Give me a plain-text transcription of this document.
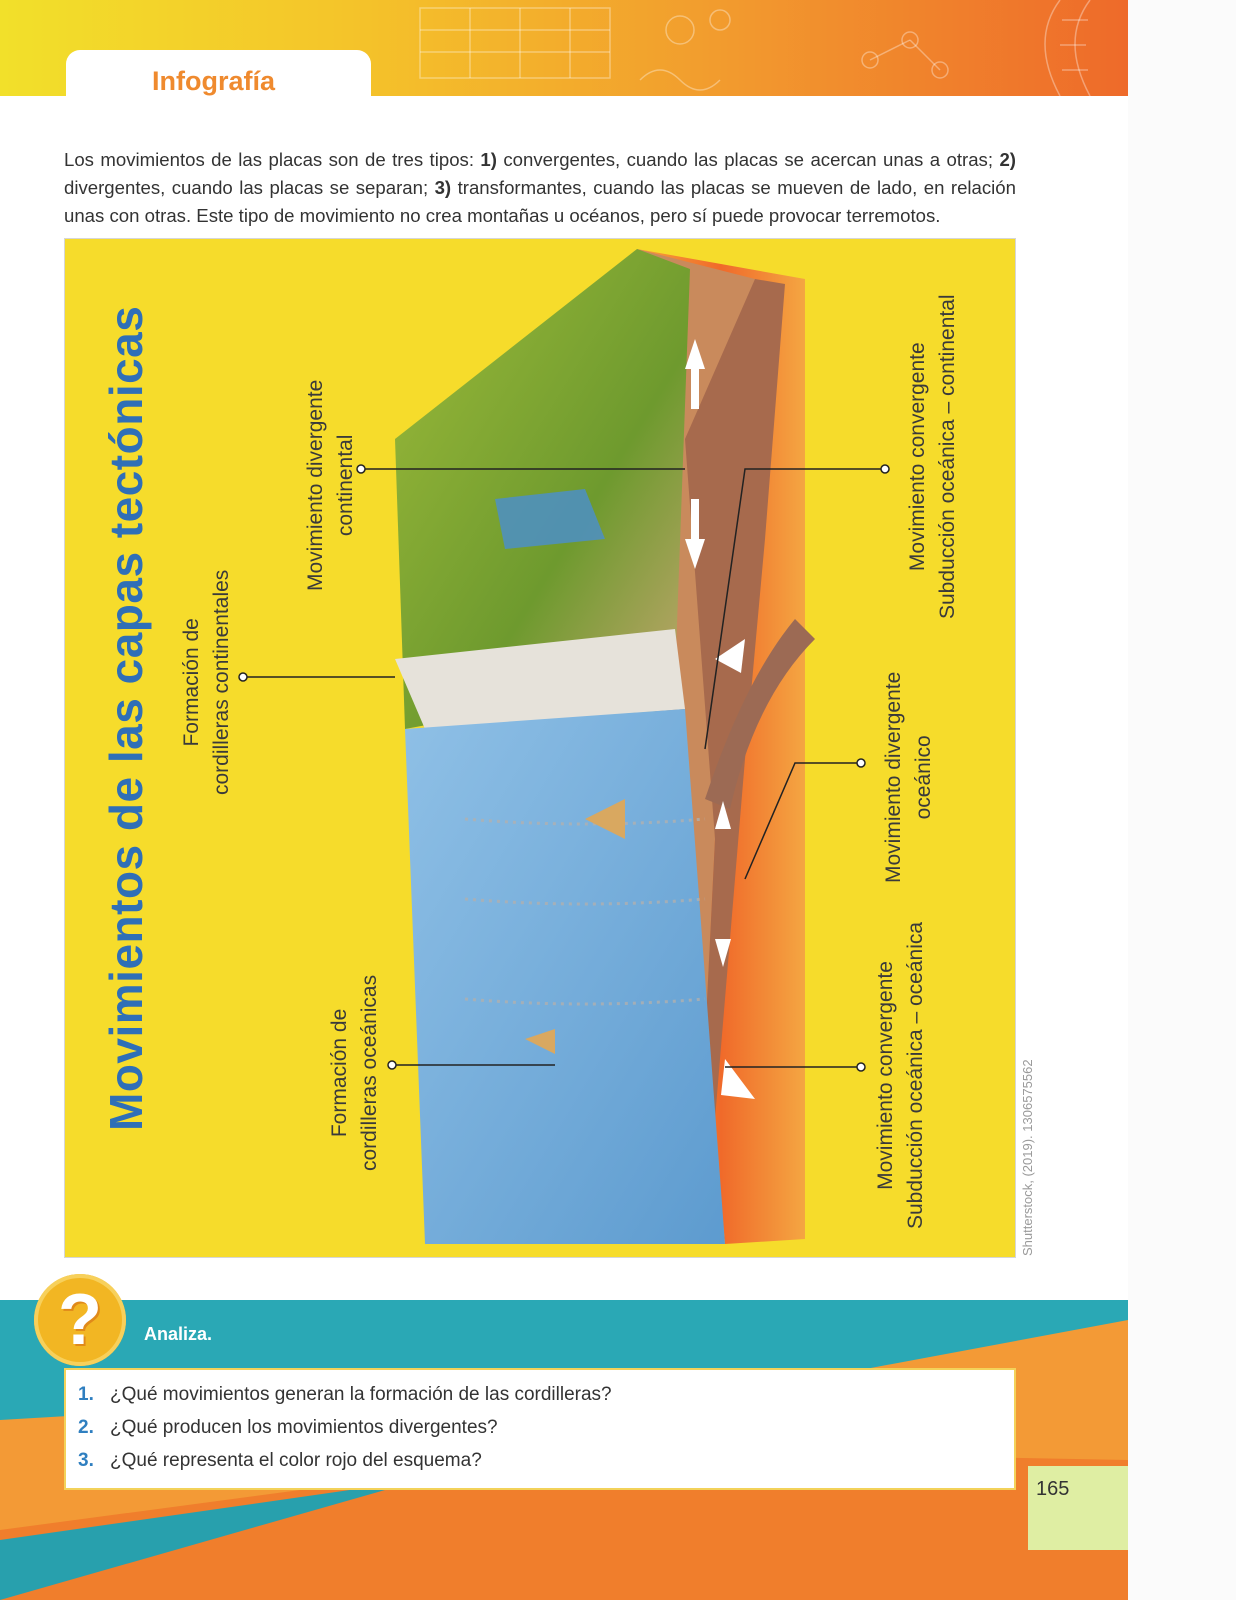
Infografía

Los movimientos de las placas son de tres tipos: 1) convergentes, cuando las placas se acercan unas a otras; 2) divergentes, cuando las placas se separan; 3) transformantes, cuando las placas se mueven de lado, en relación unas con otras. Este tipo de movimiento no crea montañas u océanos, pero sí puede provocar terremotos.

Movimientos de las capas tectónicas	Movimiento divergente continental
Formación de cordilleras continentales
Formación de cordilleras oceánicas
Movimiento convergente Subducción oceánica – continental
Movimiento divergente oceánico
Movimiento convergente Subducción oceánica – oceánica	Shutterstock, (2019). 1306575562
?	Analiza.
1. ¿Qué movimientos generan la formación de las cordilleras?
2. ¿Qué producen los movimientos divergentes?
3. ¿Qué representa el color rojo del esquema?
165
